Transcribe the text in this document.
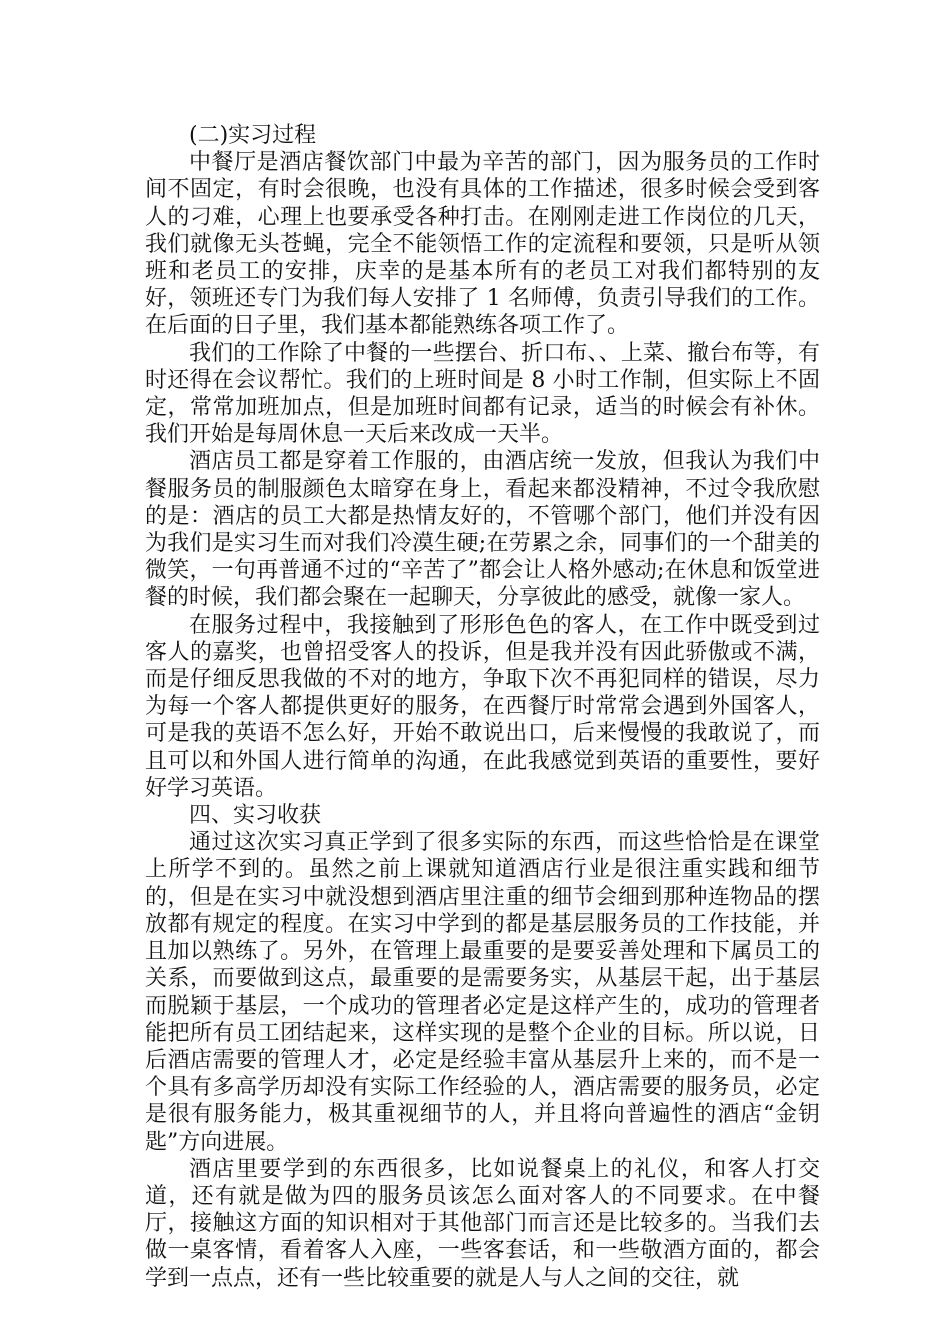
(二)实习过程

中餐厅是酒店餐饮部门中最为辛苦的部门，因为服务员的工作时间不固定，有时会很晚，也没有具体的工作描述，很多时候会受到客人的刁难，心理上也要承受各种打击。在刚刚走进工作岗位的几天，我们就像无头苍蝇，完全不能领悟工作的定流程和要领，只是听从领班和老员工的安排，庆幸的是基本所有的老员工对我们都特别的友好，领班还专门为我们每人安排了 1 名师傅，负责引导我们的工作。在后面的日子里，我们基本都能熟练各项工作了。

我们的工作除了中餐的一些摆台、折口布、、上菜、撤台布等，有时还得在会议帮忙。我们的上班时间是 8 小时工作制，但实际上不固定，常常加班加点，但是加班时间都有记录，适当的时候会有补休。我们开始是每周休息一天后来改成一天半。

酒店员工都是穿着工作服的，由酒店统一发放，但我认为我们中餐服务员的制服颜色太暗穿在身上，看起来都没精神，不过令我欣慰的是：酒店的员工大都是热情友好的，不管哪个部门，他们并没有因为我们是实习生而对我们冷漠生硬;在劳累之余，同事们的一个甜美的微笑，一句再普通不过的“辛苦了”都会让人格外感动;在休息和饭堂进餐的时候，我们都会聚在一起聊天，分享彼此的感受，就像一家人。

在服务过程中，我接触到了形形色色的客人，在工作中既受到过客人的嘉奖，也曾招受客人的投诉，但是我并没有因此骄傲或不满，而是仔细反思我做的不对的地方，争取下次不再犯同样的错误，尽力为每一个客人都提供更好的服务，在西餐厅时常常会遇到外国客人，可是我的英语不怎么好，开始不敢说出口，后来慢慢的我敢说了，而且可以和外国人进行简单的沟通，在此我感觉到英语的重要性，要好好学习英语。

四、实习收获

通过这次实习真正学到了很多实际的东西，而这些恰恰是在课堂上所学不到的。虽然之前上课就知道酒店行业是很注重实践和细节的，但是在实习中就没想到酒店里注重的细节会细到那种连物品的摆放都有规定的程度。在实习中学到的都是基层服务员的工作技能，并且加以熟练了。另外，在管理上最重要的是要妥善处理和下属员工的关系，而要做到这点，最重要的是需要务实，从基层干起，出于基层而脱颖于基层，一个成功的管理者必定是这样产生的，成功的管理者能把所有员工团结起来，这样实现的是整个企业的目标。所以说，日后酒店需要的管理人才，必定是经验丰富从基层升上来的，而不是一个具有多高学历却没有实际工作经验的人，酒店需要的服务员，必定是很有服务能力，极其重视细节的人，并且将向普遍性的酒店“金钥匙”方向进展。

酒店里要学到的东西很多，比如说餐桌上的礼仪，和客人打交道，还有就是做为四的服务员该怎么面对客人的不同要求。在中餐厅，接触这方面的知识相对于其他部门而言还是比较多的。当我们去做一桌客情，看着客人入座，一些客套话，和一些敬酒方面的，都会学到一点点，还有一些比较重要的就是人与人之间的交往，就
